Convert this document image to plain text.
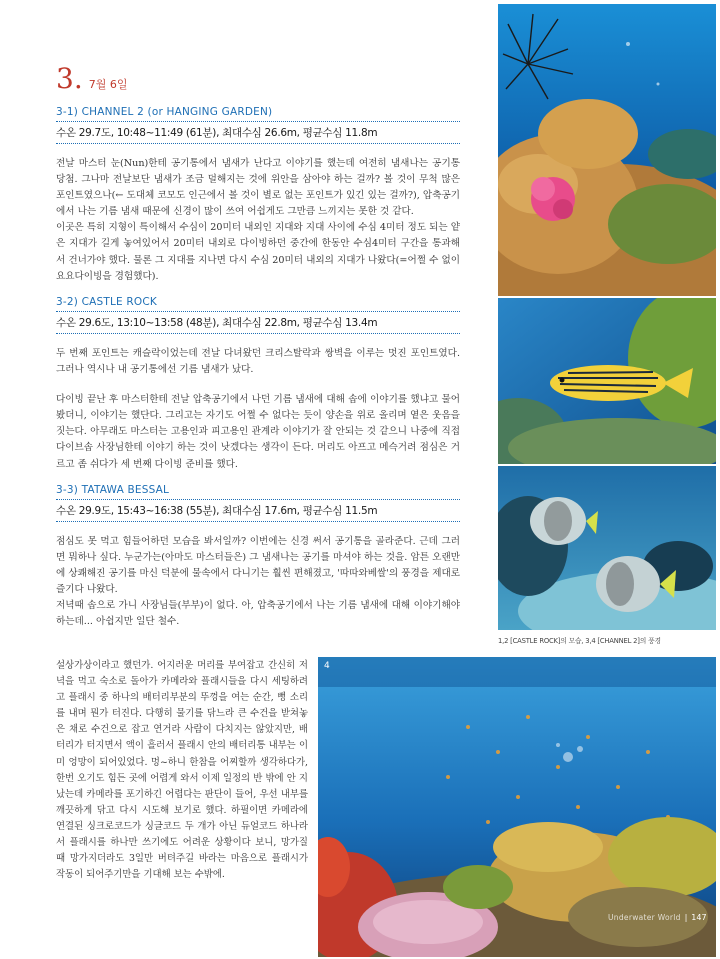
3. 7월 6일
3-1) CHANNEL 2 (or HANGING GARDEN)
수온 29.7도, 10:48~11:49 (61분), 최대수심 26.6m, 평균수심 11.8m

전날 마스터 눈(Nun)한테 공기통에서 냄새가 난다고 이야기를 했는데 여전히 냄새나는 공기통 당첨. 그나마 전날보단 냄새가 조금 덜해지는 것에 위안을 삼아야 하는 걸까? 볼 것이 무척 많은 포인트였으나(← 도대체 코모도 인근에서 볼 것이 별로 없는 포인트가 있긴 있는 걸까?), 압축공기에서 나는 기름 냄새 때문에 신경이 많이 쓰여 어쉽게도 그만큼 느끼지는 못한 것 같다.

이곳은 특히 지형이 특이해서 수심이 20미터 내외인 지대와 지대 사이에 수심 4미터 정도 되는 얕은 지대가 길게 놓여있어서 20미터 내외로 다이빙하던 중간에 한동안 수심4미터 구간을 통과해서 건너가야 했다. 물론 그 지대를 지나면 다시 수심 20미터 내외의 지대가 나왔다(=어쩔 수 없이 요요다이빙을 경험했다).

3-2) CASTLE ROCK
수온 29.6도, 13:10~13:58 (48분), 최대수심 22.8m, 평균수심 13.4m

두 번째 포인트는 캐슬락이었는데 전날 다녀왔던 크리스탈락과 쌍벽을 이루는 멋진 포인트였다. 그러나 역시나 내 공기통에선 기름 냄새가 났다.

다이빙 끝난 후 마스터한테 전날 압축공기에서 나던 기름 냄새에 대해 솝에 이야기를 했냐고 물어봤더니, 이야기는 했단다. 그리고는 자기도 어쩔 수 없다는 듯이 양손을 위로 올리며 옅은 웃음을 짓는다. 아무래도 마스터는 고용인과 피고용인 관계라 이야기가 잘 안되는 것 같으니 나중에 직접 다이브솝 사장님한테 이야기 하는 것이 낫겠다는 생각이 든다. 머리도 아프고 메슥거려 점심은 거르고 좀 쉬다가 세 번째 다이빙 준비를 했다.

3-3) TATAWA BESSAL
수온 29.9도, 15:43~16:38 (55분), 최대수심 17.6m, 평균수심 11.5m

점심도 못 먹고 힘들어하던 모습을 봐서일까? 이번에는 신경 써서 공기통을 골라준다. 근데 그러면 뭐하나 싶다. 누군가는(아마도 마스터들은) 그 냄새나는 공기를 마셔야 하는 것을. 암튼 오랜만에 상쾌해진 공기를 마신 덕분에 물속에서 다니기는 훨씬 편해졌고, '따따와베쌀'의 풍경을 제대로 즐기다 나왔다.

저녁때 솝으로 가니 사장님들(부부)이 없다. 아, 압축공기에서 나는 기름 냄새에 대해 이야기해야 하는데... 아쉽지만 일단 철수.

1,2 [CASTLE ROCK]의 모습, 3,4 [CHANNEL 2]의 풍경
4
설상가상이라고 했던가. 어지러운 머리를 부여잡고 간신히 저녁을 먹고 숙소로 돌아가 카메라와 플래시들을 다시 세팅하려고 플래시 중 하나의 배터리부분의 뚜껑을 여는 순간, 뻥 소리를 내며 뭔가 터진다. 다행히 물기를 닦느라 큰 수건을 받쳐놓은 채로 수건으로 잡고 연거라 사람이 다치지는 않았지만, 배터리가 터지면서 액이 흘러서 플래시 안의 배터리통 내부는 이미 엉망이 되어있었다. 멍~하니 한참을 어찌할까 생각하다가, 한번 오기도 힘든 곳에 어렵게 와서 이제 일정의 반 밖에 안 지났는데 카메라를 포기하긴 어렵다는 판단이 들어, 우선 내부를 깨끗하게 닦고 다시 시도해 보기로 했다. 하필이면 카메라에 연결된 싱크로코드가 싱글코드 두 개가 아닌 듀얼코드 하나라서 플래시를 하나만 쓰기에도 어려운 상황이다 보니, 망가질 때 망가지더라도 3일만 버텨주길 바라는 마음으로 플래시가 작동이 되어주기만을 기대해 보는 수밖에.
Underwater World | 147
